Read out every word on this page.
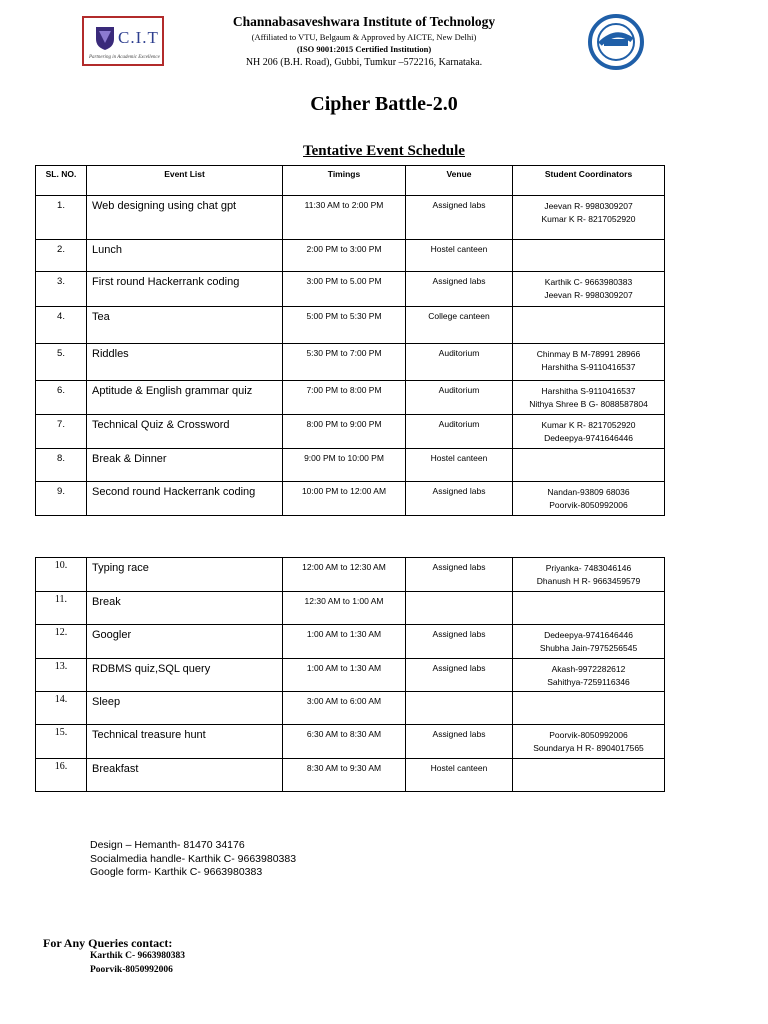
C.I.T
Partnering in Academic Excellence
Channabasaveshwara Institute of Technology
(Affiliated to VTU, Belgaum & Approved by AICTE, New Delhi)
(ISO 9001:2015 Certified Institution)
NH 206 (B.H. Road), Gubbi, Tumkur –572216, Karnataka.
Cipher Battle-2.0
Tentative Event Schedule
SL. NO.	Event List	Timings	Venue	Student Coordinators
1.	Web designing using chat gpt	11:30 AM to 2:00 PM	Assigned labs	Jeevan R- 9980309207
Kumar K R- 8217052920

2.	Lunch	2:00 PM to 3:00 PM	Hostel canteen	
3.	First round Hackerrank coding	3:00 PM to 5.00 PM	Assigned labs	Karthik C- 9663980383
Jeevan R- 9980309207

4.	Tea	5:00 PM to 5:30 PM	College canteen	
5.	Riddles	5:30 PM to 7:00 PM	Auditorium	Chinmay B M-78991 28966
Harshitha S-9110416537

6.	Aptitude & English grammar quiz	7:00 PM to 8:00 PM	Auditorium	Harshitha S-9110416537
Nithya Shree B G- 8088587804

7.	Technical Quiz & Crossword	8:00 PM to 9:00 PM	Auditorium	Kumar K R- 8217052920
Dedeepya-9741646446

8.	Break & Dinner	9:00 PM to 10:00 PM	Hostel canteen	
9.	Second round Hackerrank coding	10:00 PM to 12:00 AM	Assigned labs	Nandan-93809 68036
Poorvik-8050992006
10.	Typing race	12:00 AM to 12:30 AM	Assigned labs	Priyanka- 7483046146
Dhanush H R- 9663459579

11.	Break	12:30 AM to 1:00 AM		
12.	Googler	1:00 AM to 1:30 AM	Assigned labs	Dedeepya-9741646446
Shubha Jain-7975256545

13.	RDBMS quiz,SQL query	1:00 AM to 1:30 AM	Assigned labs	Akash-9972282612
Sahithya-7259116346

14.	Sleep	3:00 AM to 6:00 AM		
15.	Technical treasure hunt	6:30 AM to 8:30 AM	Assigned labs	Poorvik-8050992006
Soundarya H R- 8904017565

16.	Breakfast	8:30 AM to 9:30 AM	Hostel canteen	
Design – Hemanth- 81470 34176
Socialmedia handle- Karthik C- 9663980383
Google form- Karthik C- 9663980383
For Any Queries contact:
Karthik C- 9663980383
Poorvik-8050992006
